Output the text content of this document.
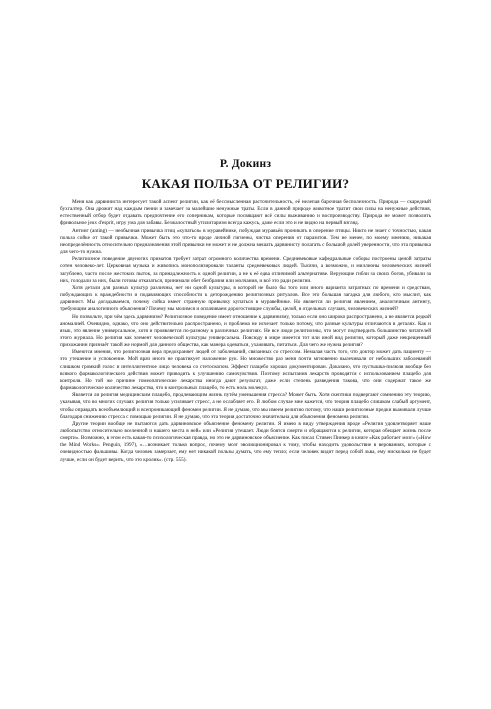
Р. Докинз
КАКАЯ ПОЛЬЗА ОТ РЕЛИГИИ?

Меня как дарвиниста интересует такой аспект религии, как её бессмысленная расточительность, её нелепая барочная бесполезность. Природа — скаредный бухгалтер. Она дрожит над каждым пенни и замечает за малейшие ненужные траты. Если в данной природе животное тратит свои силы на ненужные действия, естественный отбор будет отдавать предпочтение его соперникам, которые посвящают всё силы выживанию и воспроизводству. Природа не может позволить фривольное jeux d'esprit, игру ума для забавы. Безжалостный утилитаризм всегда кажусь, даже если это и не видно на первый взгляд.

Антинг (anting) — необычная привычка птиц «купаться» в муравейнике, побуждая муравьёв проникать в оперение птицы. Никто не знает с точностью, какая польза сойке от такой привычки. Может быть это что-то вроде личной гигиены, чистка оперения от паразитов. Тем не менее, по моему мнению, никакая неопределённость относительно предназначения этой привычки не может и не должна мешать дарвинисту полагать с большой долей уверенности, что эта привычка для чего-то нужна.

Религиозное поведение двуногих приматов требует затрат огромного количества времени. Средневековые кафедральные соборы построены ценой затраты сотен человеко-лет. Церковная музыка и живопись монополизировали таланты средневековых людей. Тысячи, а возможно, и миллионы человеческих жизней загублено, часто после жестоких пыток, за принадлежность к одной религии, а не к её едва отличимой альтернативе. Верующие гибли за своих богов, убивали за них, голодали за них, были готовы отказаться, принимали обет безбрачия или молчания, и всё это ради религии.

Хотя детали для разных культур различны, нет ни одной культуры, в которой не было бы того или иного варианта затратных по времени и средствам, побуждающих к враждебности и подавляющих способности к деторождению религиозных ритуалов. Все это большая загадка для любого, кто мыслит, как дарвинист. Мы догадываемся, почему сойка имеет странную привычку купаться в муравейнике. Но является ли религия явлением, аналогичным антингу, требующим аналогичного объяснения? Почему мы молимся и оплачиваем дорогостоящие службы, целой, в отдельных случаях, человеческих жизней?

Но позвольте, при чём здесь дарвинизм? Религиозное поведение имеет отношение к дарвинизму, только если оно широко распространено, а не является редкой аномалией. Очевидно, однако, что оно действительно распространено, и проблема не исчезает только потому, что разные культуры отличаются в деталях. Как и язык, это явление универсальное, хотя и проявляется по-разному в различных религиях. Не все люди религиозны, что могут подтвердить большинство читателей этого журнала. Но религия как элемент человеческой культуры универсальна. Повсюду в мире имеется тот или иной вид религии, который даже некрещенный прихожанин признаёт такой же нормой для данного общества, как манера одеваться, ухаживать, питаться. Для чего же нужна религия?

Имеются мнения, что религиозная вера предохраняет людей от заболеваний, связанных со стрессом. Немалая часть того, что доктор может дать пациенту — это утешение и успокоение. Мой врач иного не практикует наложение рук. Но множество раз меня почти мгновенно вылечивали от небольших заболеваний слишком громкий голос и интеллигентное лицо человека со стетоскопом. Эффект плацебо хорошо документирован. Доказано, что пустышка-пилюля вообще без всякого фармакологического действия может приводить к улучшению самочувствия. Поэтому испытания лекарств проводятся с использованием плацебо для контроля. Но той же причине гомеопатические лекарства иногда дают результат, даже если степень разведения такова, что они содержат такое же фармакологическое количество лекарства, что в контрольных плацебо, то есть ноль молекул.

Является ли религия медицинским плацебо, продлевающим жизнь путём уменьшения стресса? Может быть. Хотя скептики подвергают сомнению эту теорию, указывая, что во многих случаях религия только усиливает стресс, а не ослабляет его. В любом случае мне кажется, что теория плацебо слишком слабый аргумент, чтобы оправдать всеобъемлющий и всепроникающий феномен религии. Я не думаю, что мы имеем религию потому, что наши религиозные предки выживали лучше благодаря снижению стресса с помощью религии. Я не думаю, что эта теория достаточно значительна для объяснения феномена религии.

Другие теории вообще не пытаются дать дарвиновское объяснение феномену религии. Я имею в виду утверждения вроде «Религия удовлетворяет наше любопытство относительно вселенной и нашего места в ней» или «Религия утешает. Люди боятся смерти и обращаются к религии, которая обещает жизнь после смерти». Возможно, в этом есть какая-то психологическая правда, но это не дарвиновское объяснение. Как писал Стивен Пинкер в книге «Как работает мозг» («How the Mind Works». Penguin, 1997), «…возникает только вопрос, почему мозг эволюционировал к тому, чтобы находить удовольствие в верованиях, которые с очевидностью фальшивы. Когда человек замерзает, ему нет никакой пользы думать, что ему тепло; если человек видит перед собой льва, ему нисколько не будет лучше, если он будет верить, что это кролик». (стр. 555).
